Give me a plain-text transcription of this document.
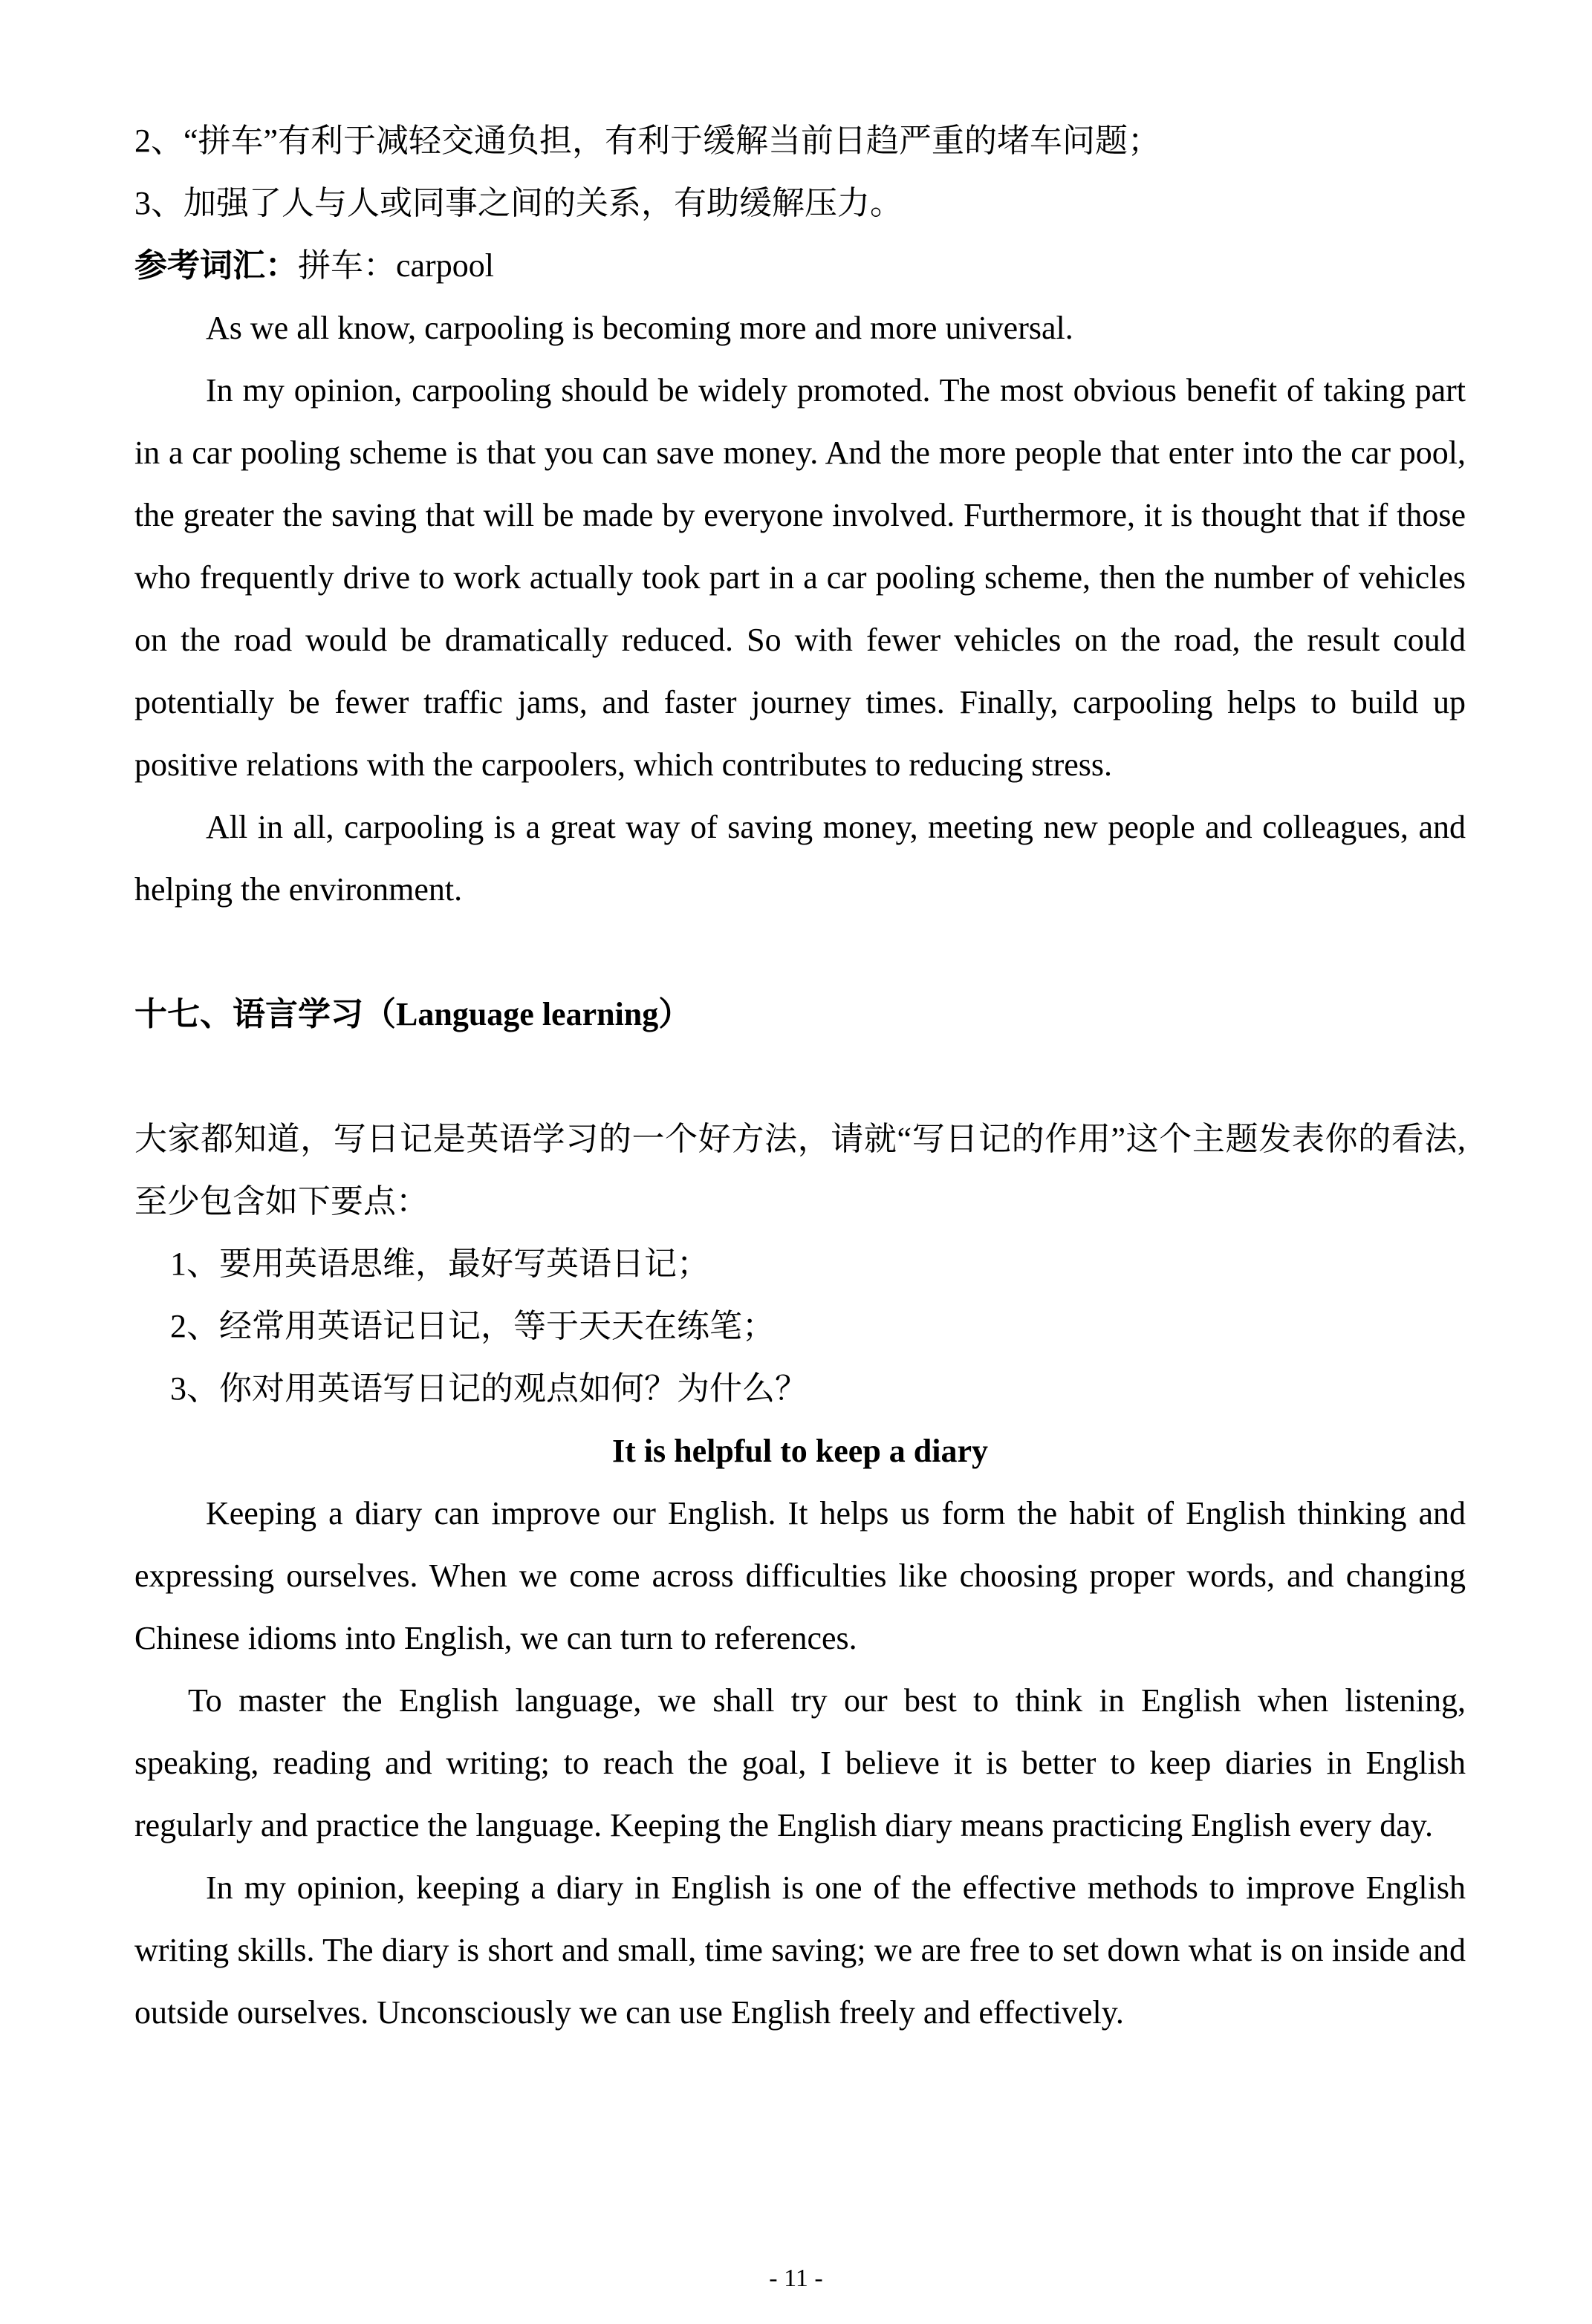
2、“拼车”有利于减轻交通负担，有利于缓解当前日趋严重的堵车问题；

3、加强了人与人或同事之间的关系，有助缓解压力。

参考词汇：拼车：carpool

As we all know, carpooling is becoming more and more universal.

In my opinion, carpooling should be widely promoted. The most obvious benefit of taking part in a car pooling scheme is that you can save money. And the more people that enter into the car pool, the greater the saving that will be made by everyone involved. Furthermore, it is thought that if those who frequently drive to work actually took part in a car pooling scheme, then the number of vehicles on the road would be dramatically reduced. So with fewer vehicles on the road, the result could potentially be fewer traffic jams, and faster journey times. Finally, carpooling helps to build up positive relations with the carpoolers, which contributes to reducing stress.

All in all, carpooling is a great way of saving money, meeting new people and colleagues, and helping the environment.

十七、语言学习（Language learning）

大家都知道，写日记是英语学习的一个好方法，请就“写日记的作用”这个主题发表你的看法, 至少包含如下要点：

1、要用英语思维，最好写英语日记；

2、经常用英语记日记，等于天天在练笔；

3、你对用英语写日记的观点如何？为什么？

It is helpful to keep a diary

Keeping a diary can improve our English. It helps us form the habit of English thinking and expressing ourselves. When we come across difficulties like choosing proper words, and changing Chinese idioms into English, we can turn to references.

To master the English language, we shall try our best to think in English when listening, speaking, reading and writing; to reach the goal, I believe it is better to keep diaries in English regularly and practice the language. Keeping the English diary means practicing English every day.

In my opinion, keeping a diary in English is one of the effective methods to improve English writing skills. The diary is short and small, time saving; we are free to set down what is on inside and outside ourselves. Unconsciously we can use English freely and effectively.

- 11 -
